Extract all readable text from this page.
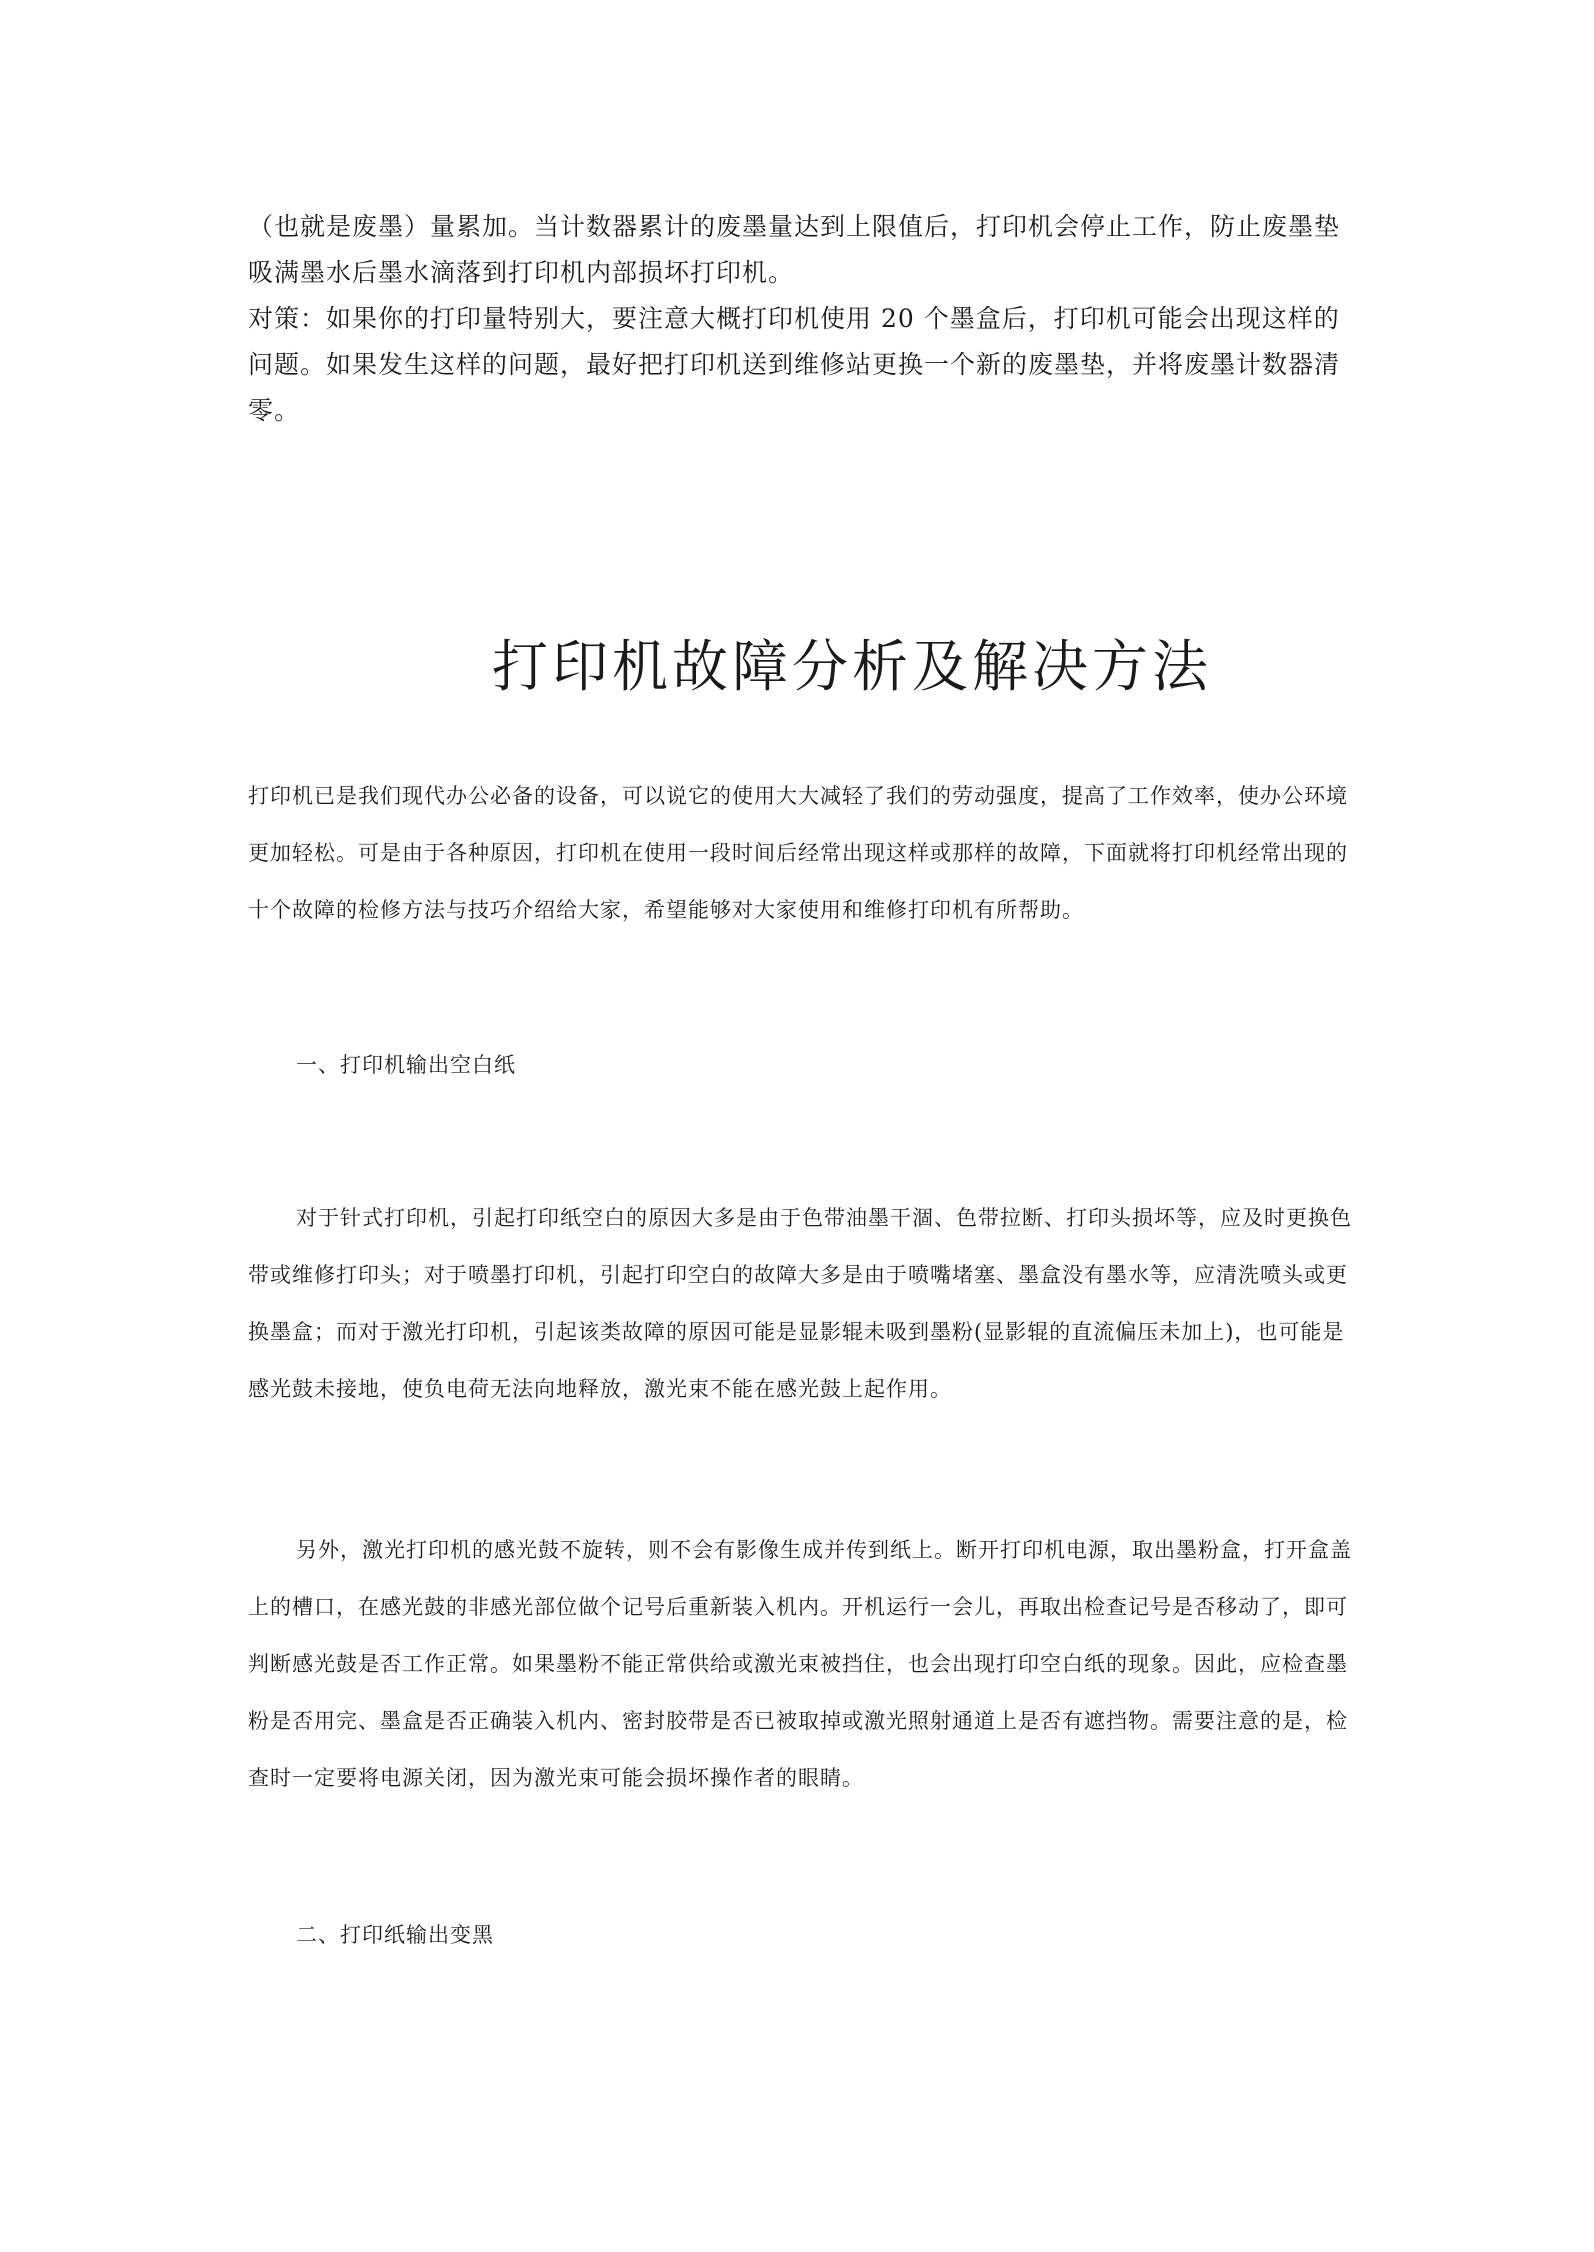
（也就是废墨）量累加。当计数器累计的废墨量达到上限值后，打印机会停止工作，防止废墨垫吸满墨水后墨水滴落到打印机内部损坏打印机。

对策：如果你的打印量特别大，要注意大概打印机使用 20 个墨盒后，打印机可能会出现这样的问题。如果发生这样的问题，最好把打印机送到维修站更换一个新的废墨垫，并将废墨计数器清零。

打印机故障分析及解决方法

打印机已是我们现代办公必备的设备，可以说它的使用大大减轻了我们的劳动强度，提高了工作效率，使办公环境更加轻松。可是由于各种原因，打印机在使用一段时间后经常出现这样或那样的故障，下面就将打印机经常出现的十个故障的检修方法与技巧介绍给大家，希望能够对大家使用和维修打印机有所帮助。

一、打印机输出空白纸

对于针式打印机，引起打印纸空白的原因大多是由于色带油墨干涸、色带拉断、打印头损坏等，应及时更换色带或维修打印头；对于喷墨打印机，引起打印空白的故障大多是由于喷嘴堵塞、墨盒没有墨水等，应清洗喷头或更换墨盒；而对于激光打印机，引起该类故障的原因可能是显影辊未吸到墨粉(显影辊的直流偏压未加上)，也可能是感光鼓未接地，使负电荷无法向地释放，激光束不能在感光鼓上起作用。

另外，激光打印机的感光鼓不旋转，则不会有影像生成并传到纸上。断开打印机电源，取出墨粉盒，打开盒盖上的槽口，在感光鼓的非感光部位做个记号后重新装入机内。开机运行一会儿，再取出检查记号是否移动了，即可判断感光鼓是否工作正常。如果墨粉不能正常供给或激光束被挡住，也会出现打印空白纸的现象。因此，应检查墨粉是否用完、墨盒是否正确装入机内、密封胶带是否已被取掉或激光照射通道上是否有遮挡物。需要注意的是，检查时一定要将电源关闭，因为激光束可能会损坏操作者的眼睛。

二、打印纸输出变黑
